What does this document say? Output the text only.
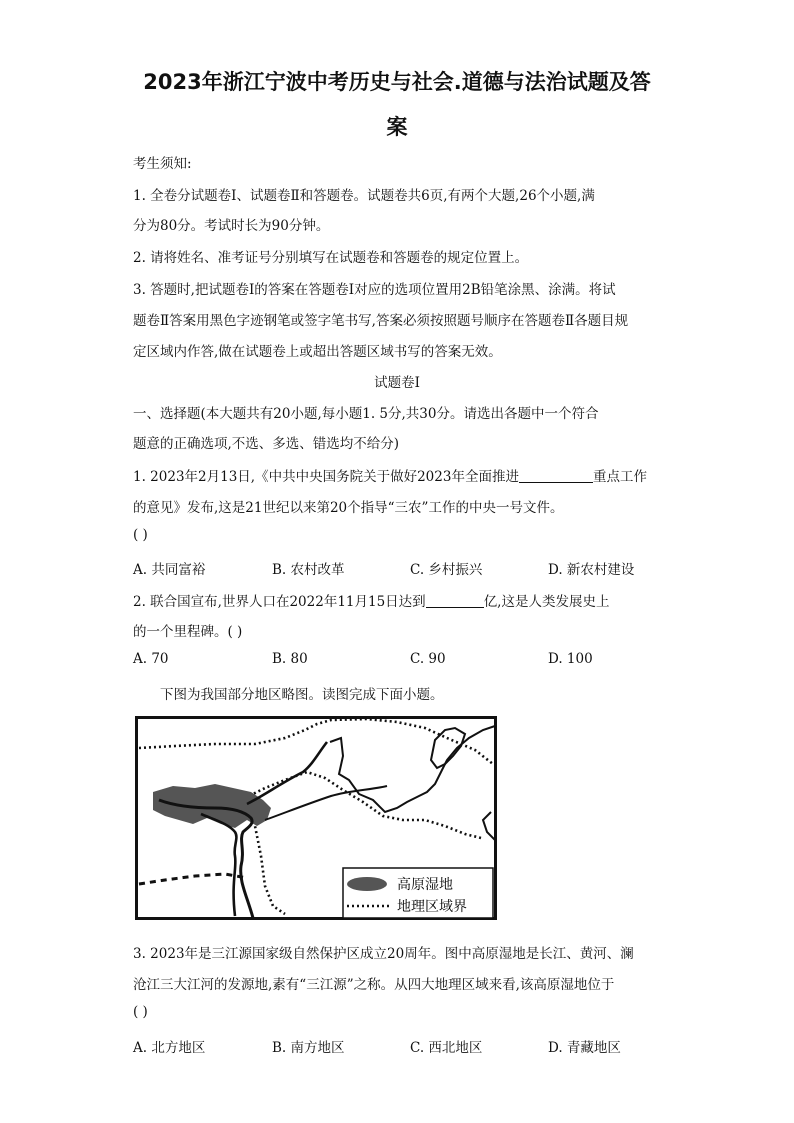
2023年浙江宁波中考历史与社会.道德与法治试题及答
案
考生须知:
1. 全卷分试题卷Ⅰ、试题卷Ⅱ和答题卷。试题卷共6页,有两个大题,26个小题,满
分为80分。考试时长为90分钟。
2. 请将姓名、准考证号分别填写在试题卷和答题卷的规定位置上。
3. 答题时,把试题卷Ⅰ的答案在答题卷Ⅰ对应的选项位置用2B铅笔涂黑、涂满。将试
题卷Ⅱ答案用黑色字迹钢笔或签字笔书写,答案必须按照题号顺序在答题卷Ⅱ各题目规
定区域内作答,做在试题卷上或超出答题区域书写的答案无效。
试题卷Ⅰ
一、选择题(本大题共有20小题,每小题1. 5分,共30分。请选出各题中一个符合
题意的正确选项,不选、多选、错选均不给分)
1. 2023年2月13日,《中共中央国务院关于做好2023年全面推进	重点工作
的意见》发布,这是21世纪以来第20个指导“三农”工作的中央一号文件。
( )
A. 共同富裕	B. 农村改革	C. 乡村振兴	D. 新农村建设
2. 联合国宣布,世界人口在2022年11月15日达到	亿,这是人类发展史上
的一个里程碑。( )
A. 70	B. 80	C. 90	D. 100
下图为我国部分地区略图。读图完成下面小题。
高原湿地
地理区域界
3. 2023年是三江源国家级自然保护区成立20周年。图中高原湿地是长江、黄河、澜
沧江三大江河的发源地,素有“三江源”之称。从四大地理区域来看,该高原湿地位于
( )
A. 北方地区	B. 南方地区	C. 西北地区	D. 青藏地区
